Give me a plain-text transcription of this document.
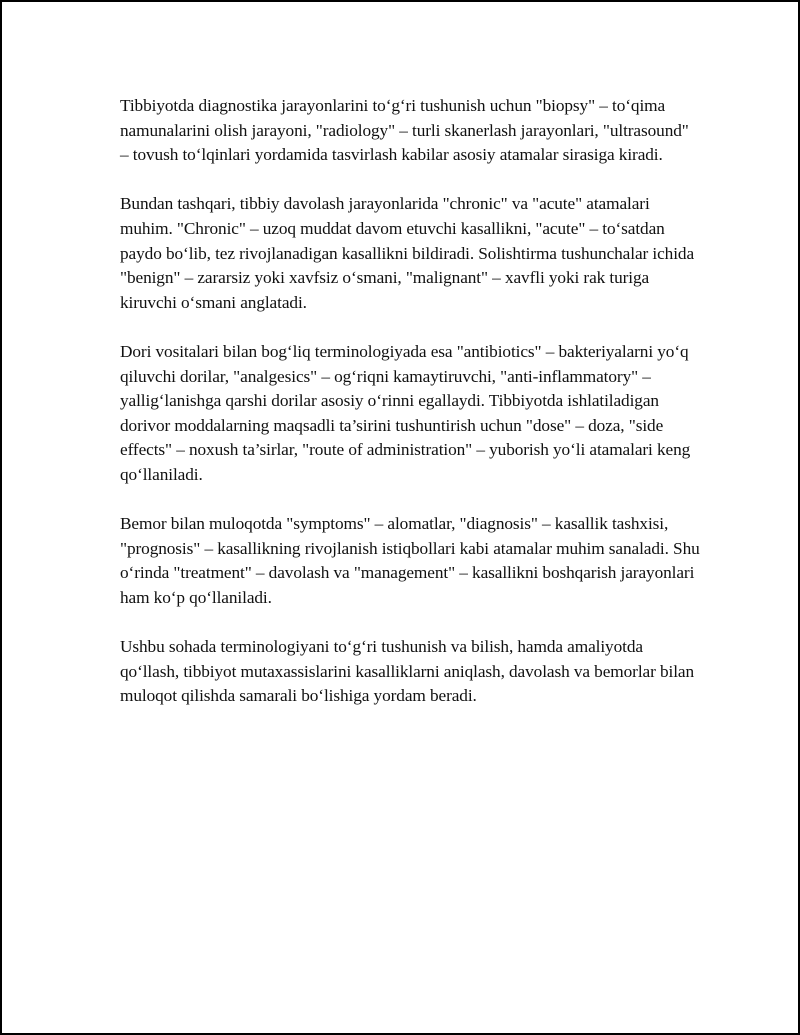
Tibbiyotda diagnostika jarayonlarini to‘g‘ri tushunish uchun "biopsy" – to‘qima namunalarini olish jarayoni, "radiology" – turli skanerlash jarayonlari, "ultrasound" – tovush to‘lqinlari yordamida tasvirlash kabilar asosiy atamalar sirasiga kiradi.

Bundan tashqari, tibbiy davolash jarayonlarida "chronic" va "acute" atamalari muhim. "Chronic" – uzoq muddat davom etuvchi kasallikni, "acute" – to‘satdan paydo bo‘lib, tez rivojlanadigan kasallikni bildiradi. Solishtirma tushunchalar ichida "benign" – zararsiz yoki xavfsiz o‘smani, "malignant" – xavfli yoki rak turiga kiruvchi o‘smani anglatadi.

Dori vositalari bilan bog‘liq terminologiyada esa "antibiotics" – bakteriyalarni yo‘q qiluvchi dorilar, "analgesics" – og‘riqni kamaytiruvchi, "anti-inflammatory" – yallig‘lanishga qarshi dorilar asosiy o‘rinni egallaydi. Tibbiyotda ishlatiladigan dorivor moddalarning maqsadli ta’sirini tushuntirish uchun "dose" – doza, "side effects" – noxush ta’sirlar, "route of administration" – yuborish yo‘li atamalari keng qo‘llaniladi.

Bemor bilan muloqotda "symptoms" – alomatlar, "diagnosis" – kasallik tashxisi, "prognosis" – kasallikning rivojlanish istiqbollari kabi atamalar muhim sanaladi. Shu o‘rinda "treatment" – davolash va "management" – kasallikni boshqarish jarayonlari ham ko‘p qo‘llaniladi.

Ushbu sohada terminologiyani to‘g‘ri tushunish va bilish, hamda amaliyotda qo‘llash, tibbiyot mutaxassislarini kasalliklarni aniqlash, davolash va bemorlar bilan muloqot qilishda samarali bo‘lishiga yordam beradi.
